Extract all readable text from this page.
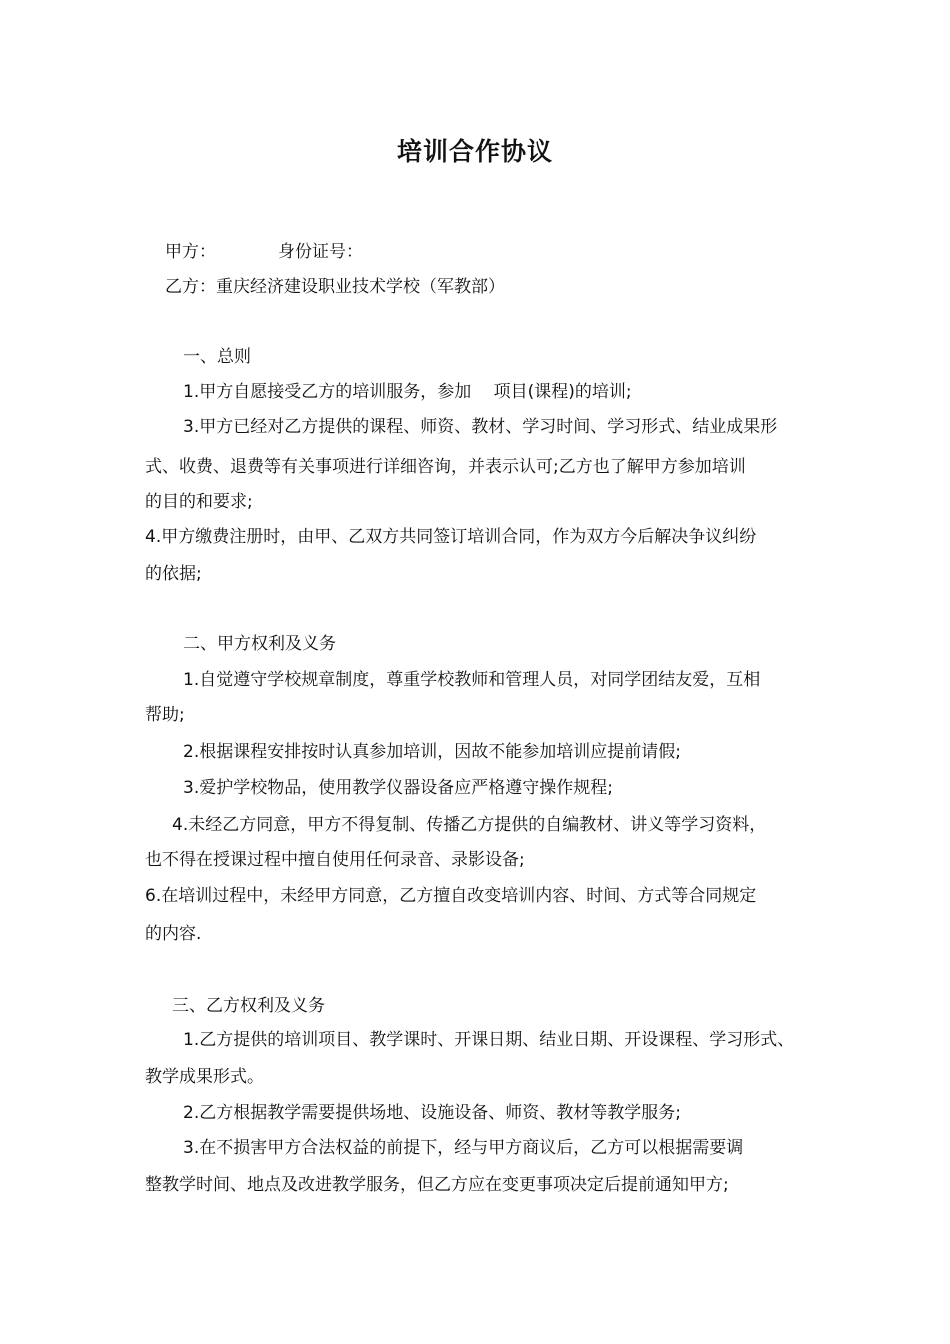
培训合作协议
甲方：	身份证号：
乙方：重庆经济建设职业技术学校（军教部）
一、总则
1.甲方自愿接受乙方的培训服务，参加　 项目(课程)的培训;
3.甲方已经对乙方提供的课程、师资、教材、学习时间、学习形式、结业成果形
式、收费、退费等有关事项进行详细咨询，并表示认可;乙方也了解甲方参加培训
的目的和要求;
4.甲方缴费注册时，由甲、乙双方共同签订培训合同，作为双方今后解决争议纠纷
的依据;
二、甲方权利及义务
1.自觉遵守学校规章制度，尊重学校教师和管理人员，对同学团结友爱，互相
帮助;
2.根据课程安排按时认真参加培训，因故不能参加培训应提前请假;
3.爱护学校物品，使用教学仪器设备应严格遵守操作规程;
4.未经乙方同意，甲方不得复制、传播乙方提供的自编教材、讲义等学习资料，
也不得在授课过程中擅自使用任何录音、录影设备;
6.在培训过程中，未经甲方同意，乙方擅自改变培训内容、时间、方式等合同规定
的内容.
三、乙方权利及义务
1.乙方提供的培训项目、教学课时、开课日期、结业日期、开设课程、学习形式、
教学成果形式。
2.乙方根据教学需要提供场地、设施设备、师资、教材等教学服务;
3.在不损害甲方合法权益的前提下，经与甲方商议后，乙方可以根据需要调
整教学时间、地点及改进教学服务，但乙方应在变更事项决定后提前通知甲方;
